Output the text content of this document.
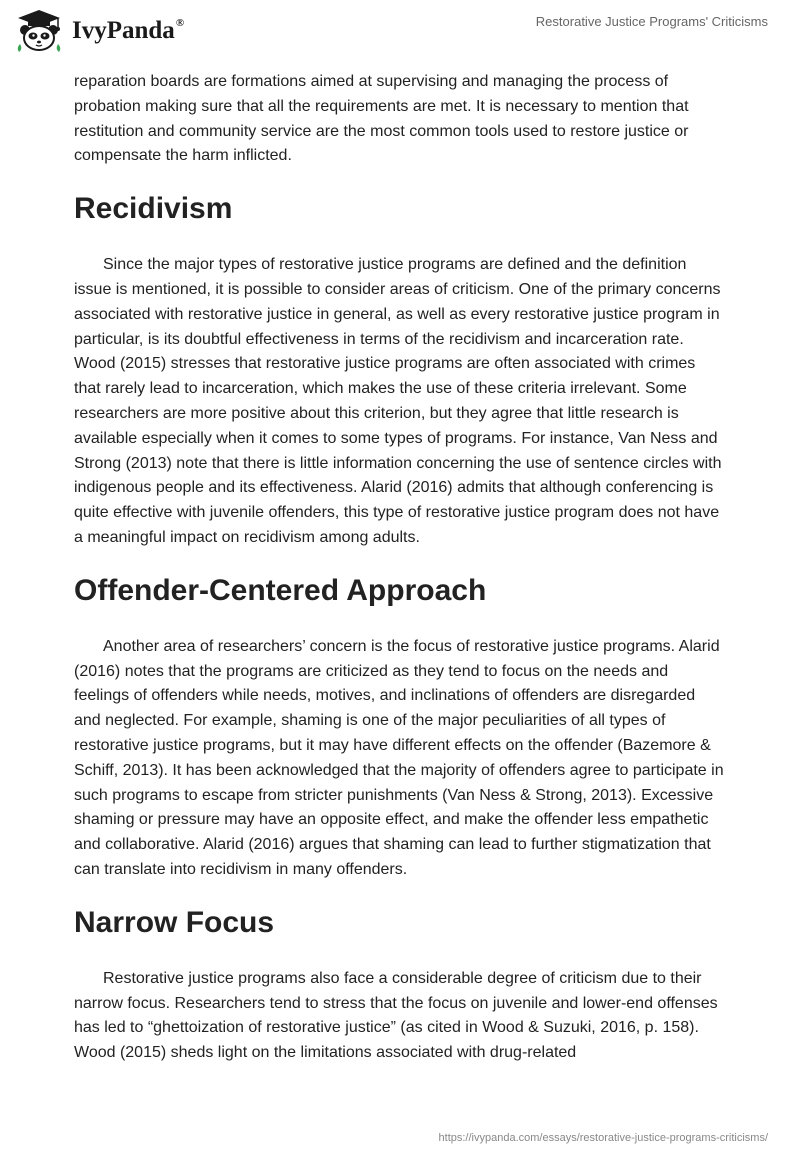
IvyPanda®	Restorative Justice Programs' Criticisms

reparation boards are formations aimed at supervising and managing the process of probation making sure that all the requirements are met. It is necessary to mention that restitution and community service are the most common tools used to restore justice or compensate the harm inflicted.

Recidivism

Since the major types of restorative justice programs are defined and the definition issue is mentioned, it is possible to consider areas of criticism. One of the primary concerns associated with restorative justice in general, as well as every restorative justice program in particular, is its doubtful effectiveness in terms of the recidivism and incarceration rate. Wood (2015) stresses that restorative justice programs are often associated with crimes that rarely lead to incarceration, which makes the use of these criteria irrelevant. Some researchers are more positive about this criterion, but they agree that little research is available especially when it comes to some types of programs. For instance, Van Ness and Strong (2013) note that there is little information concerning the use of sentence circles with indigenous people and its effectiveness. Alarid (2016) admits that although conferencing is quite effective with juvenile offenders, this type of restorative justice program does not have a meaningful impact on recidivism among adults.

Offender-Centered Approach

Another area of researchers’ concern is the focus of restorative justice programs. Alarid (2016) notes that the programs are criticized as they tend to focus on the needs and feelings of offenders while needs, motives, and inclinations of offenders are disregarded and neglected. For example, shaming is one of the major peculiarities of all types of restorative justice programs, but it may have different effects on the offender (Bazemore & Schiff, 2013). It has been acknowledged that the majority of offenders agree to participate in such programs to escape from stricter punishments (Van Ness & Strong, 2013). Excessive shaming or pressure may have an opposite effect, and make the offender less empathetic and collaborative. Alarid (2016) argues that shaming can lead to further stigmatization that can translate into recidivism in many offenders.

Narrow Focus

Restorative justice programs also face a considerable degree of criticism due to their narrow focus. Researchers tend to stress that the focus on juvenile and lower-end offenses has led to “ghettoization of restorative justice” (as cited in Wood & Suzuki, 2016, p. 158). Wood (2015) sheds light on the limitations associated with drug-related

https://ivypanda.com/essays/restorative-justice-programs-criticisms/
